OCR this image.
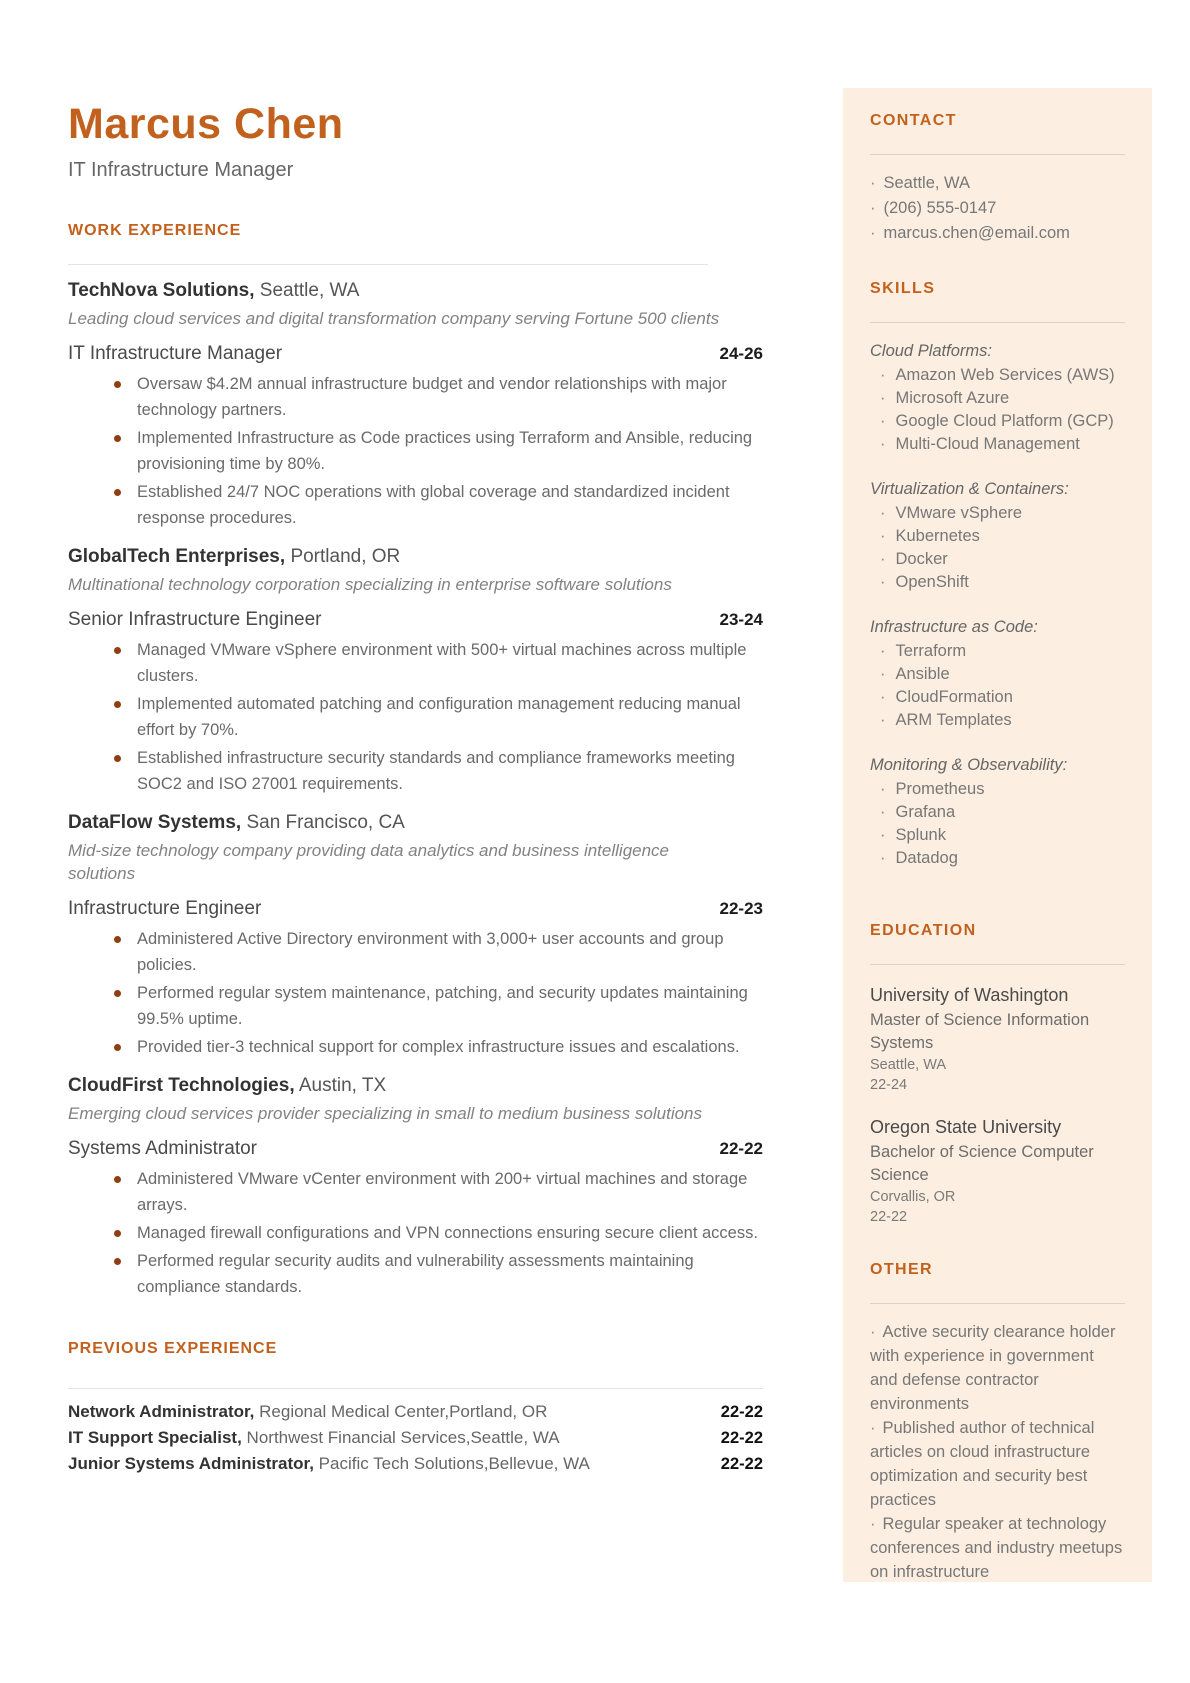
Marcus Chen
IT Infrastructure Manager
WORK EXPERIENCE
TechNova Solutions, Seattle, WA
Leading cloud services and digital transformation company serving Fortune 500 clients
IT Infrastructure Manager	24-26
Oversaw $4.2M annual infrastructure budget and vendor relationships with major technology partners.
Implemented Infrastructure as Code practices using Terraform and Ansible, reducing provisioning time by 80%.
Established 24/7 NOC operations with global coverage and standardized incident response procedures.
GlobalTech Enterprises, Portland, OR
Multinational technology corporation specializing in enterprise software solutions
Senior Infrastructure Engineer	23-24
Managed VMware vSphere environment with 500+ virtual machines across multiple clusters.
Implemented automated patching and configuration management reducing manual effort by 70%.
Established infrastructure security standards and compliance frameworks meeting SOC2 and ISO 27001 requirements.
DataFlow Systems, San Francisco, CA
Mid-size technology company providing data analytics and business intelligence solutions
Infrastructure Engineer	22-23
Administered Active Directory environment with 3,000+ user accounts and group policies.
Performed regular system maintenance, patching, and security updates maintaining 99.5% uptime.
Provided tier-3 technical support for complex infrastructure issues and escalations.
CloudFirst Technologies, Austin, TX
Emerging cloud services provider specializing in small to medium business solutions
Systems Administrator	22-22
Administered VMware vCenter environment with 200+ virtual machines and storage arrays.
Managed firewall configurations and VPN connections ensuring secure client access.
Performed regular security audits and vulnerability assessments maintaining compliance standards.
PREVIOUS EXPERIENCE
Network Administrator, Regional Medical Center,Portland, OR	22-22
IT Support Specialist, Northwest Financial Services,Seattle, WA	22-22
Junior Systems Administrator, Pacific Tech Solutions,Bellevue, WA	22-22
CONTACT
· Seattle, WA
· (206) 555-0147
· marcus.chen@email.com
SKILLS
Cloud Platforms:
· Amazon Web Services (AWS)
· Microsoft Azure
· Google Cloud Platform (GCP)
· Multi-Cloud Management
Virtualization & Containers:
· VMware vSphere
· Kubernetes
· Docker
· OpenShift
Infrastructure as Code:
· Terraform
· Ansible
· CloudFormation
· ARM Templates
Monitoring & Observability:
· Prometheus
· Grafana
· Splunk
· Datadog
EDUCATION
University of Washington
Master of Science Information Systems
Seattle, WA
22-24
Oregon State University
Bachelor of Science Computer Science
Corvallis, OR
22-22
OTHER
· Active security clearance holder with experience in government and defense contractor environments
· Published author of technical articles on cloud infrastructure optimization and security best practices
· Regular speaker at technology conferences and industry meetups on infrastructure
